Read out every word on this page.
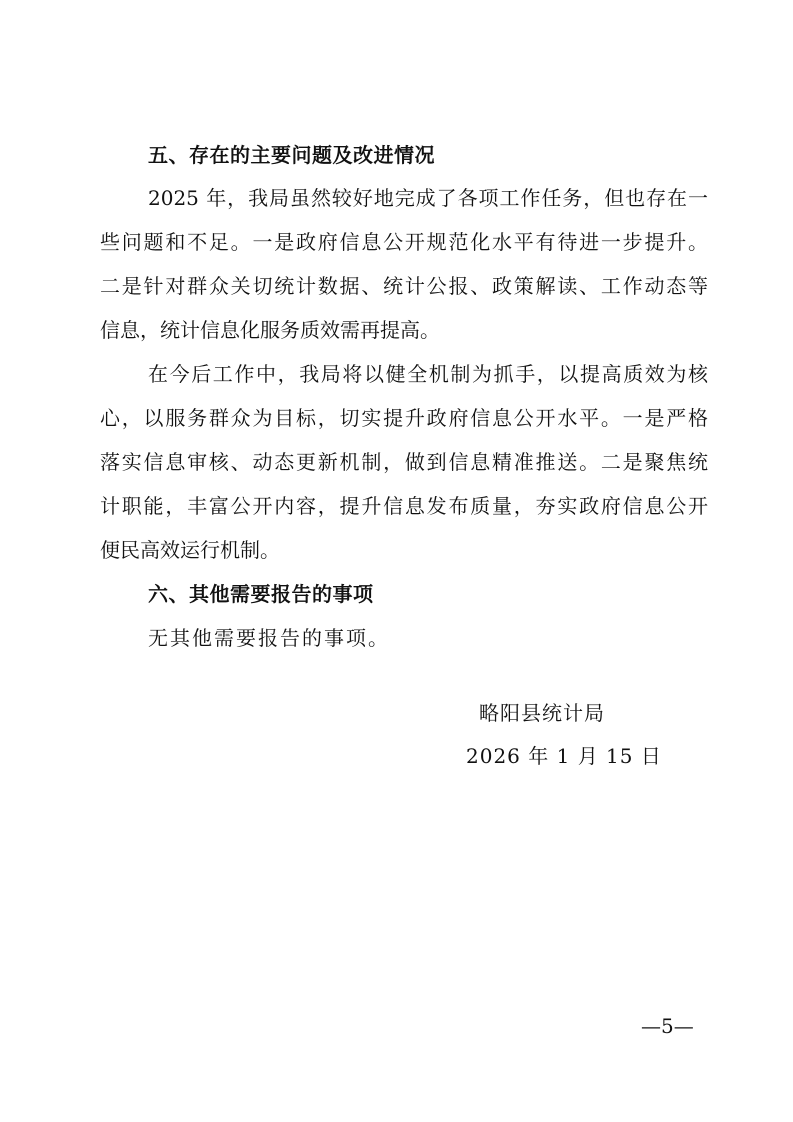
五、存在的主要问题及改进情况
2025 年，我局虽然较好地完成了各项工作任务，但也存在一
些问题和不足。一是政府信息公开规范化水平有待进一步提升。
二是针对群众关切统计数据、统计公报、政策解读、工作动态等
信息，统计信息化服务质效需再提高。
在今后工作中，我局将以健全机制为抓手，以提高质效为核
心，以服务群众为目标，切实提升政府信息公开水平。一是严格
落实信息审核、动态更新机制，做到信息精准推送。二是聚焦统
计职能，丰富公开内容，提升信息发布质量，夯实政府信息公开
便民高效运行机制。
六、其他需要报告的事项
无其他需要报告的事项。
略阳县统计局
2026 年 1 月 15 日
—5—
